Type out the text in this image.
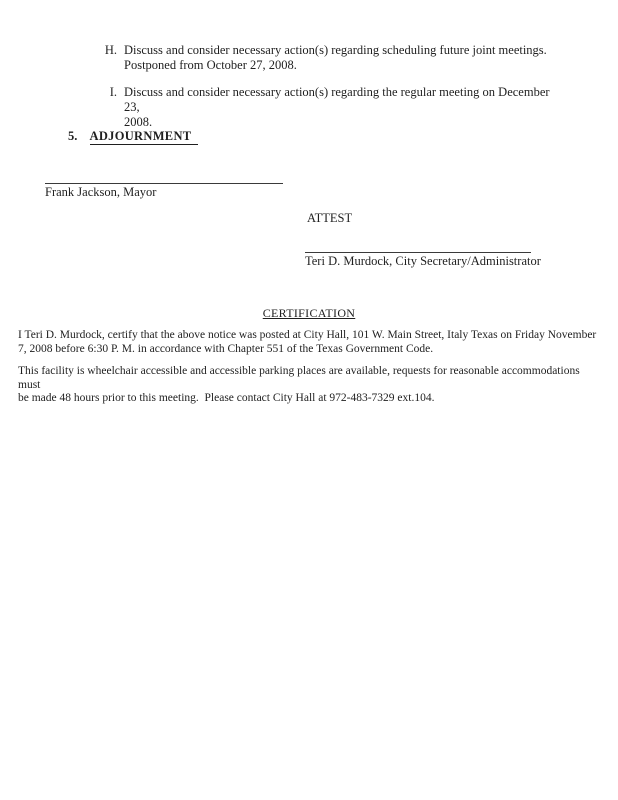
H. Discuss and consider necessary action(s) regarding scheduling future joint meetings.
Postponed from October 27, 2008.
I. Discuss and consider necessary action(s) regarding the regular meeting on December 23,
2008.
5. ADJOURNMENT
Frank Jackson, Mayor
ATTEST
Teri D. Murdock, City Secretary/Administrator
CERTIFICATION
I Teri D. Murdock, certify that the above notice was posted at City Hall, 101 W. Main Street, Italy Texas on Friday November
7, 2008 before 6:30 P. M. in accordance with Chapter 551 of the Texas Government Code.
This facility is wheelchair accessible and accessible parking places are available, requests for reasonable accommodations must
be made 48 hours prior to this meeting.  Please contact City Hall at 972-483-7329 ext.104.
